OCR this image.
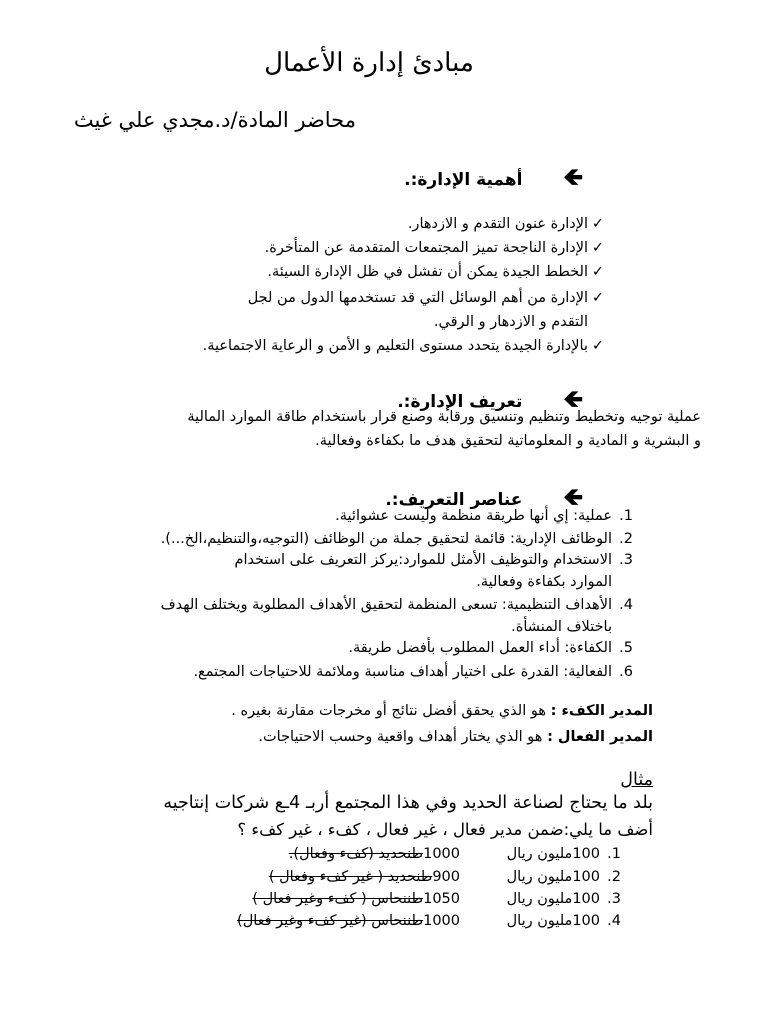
مبادئ إدارة الأعمال
محاضر المادة/د.مجدي علي غيث
🡸 أهمية الإدارة:.
✓الإدارة عنون التقدم و الازدهار.
✓الإدارة الناجحة تميز المجتمعات المتقدمة عن المتأخرة.
✓الخطط الجيدة يمكن أن تفشل في ظل الإدارة السيئة.
✓الإدارة من أهم الوسائل التي قد تستخدمها الدول من لجل
التقدم و الازدهار و الرقي.
✓بالإدارة الجيدة يتحدد مستوى التعليم و الأمن و الرعاية الاجتماعية.
🡸 تعريف الإدارة:.
عملية توجيه وتخطيط وتنظيم وتنسيق ورقابة وصنع قرار باستخدام طاقة الموارد المالية
و البشرية و المادية و المعلوماتية لتحقيق هدف ما بكفاءة وفعالية.
🡸 عناصر التعريف:.
1.عملية: إي أنها طريقة منظمة وليست عشوائية.
2.الوظائف الإدارية: قائمة لتحقيق جملة من الوظائف (التوجيه،والتنظيم،الخ...).
3.الاستخدام والتوظيف الأمثل للموارد:يركز التعريف على استخدام
الموارد بكفاءة وفعالية.
4.الأهداف التنظيمية: تسعى المنظمة لتحقيق الأهداف المطلوبة ويختلف الهدف
باختلاف المنشأة.
5.الكفاءة: أداء العمل المطلوب بأفضل طريقة.
6.الفعالية: القدرة على اختيار أهداف مناسبة وملائمة للاحتياجات المجتمع.
المدير الكفء : هو الذي يحقق أفضل نتائج أو مخرجات مقارنة بغيره .
المدير الفعال : هو الذي يختار أهداف واقعية وحسب الاحتياجات.
مثال
بلد ما يحتاج لصناعة الحديد وفي هذا المجتمع أربـ 4ـع شركات إنتاجيه
أضف ما يلي:ضمن مدير فعال ، غير فعال ، كفء ، غير كفء ؟
1.100مليون ريال1000طنحديد (كفء وفعال).
2.100مليون ريال900طنحديد ( غير كفء وفعال )
3.100مليون ريال1050طننحاس ( كفء وغير فعال )
4.100مليون ريال1000طننحاس (غير كفء وغير فعال)
